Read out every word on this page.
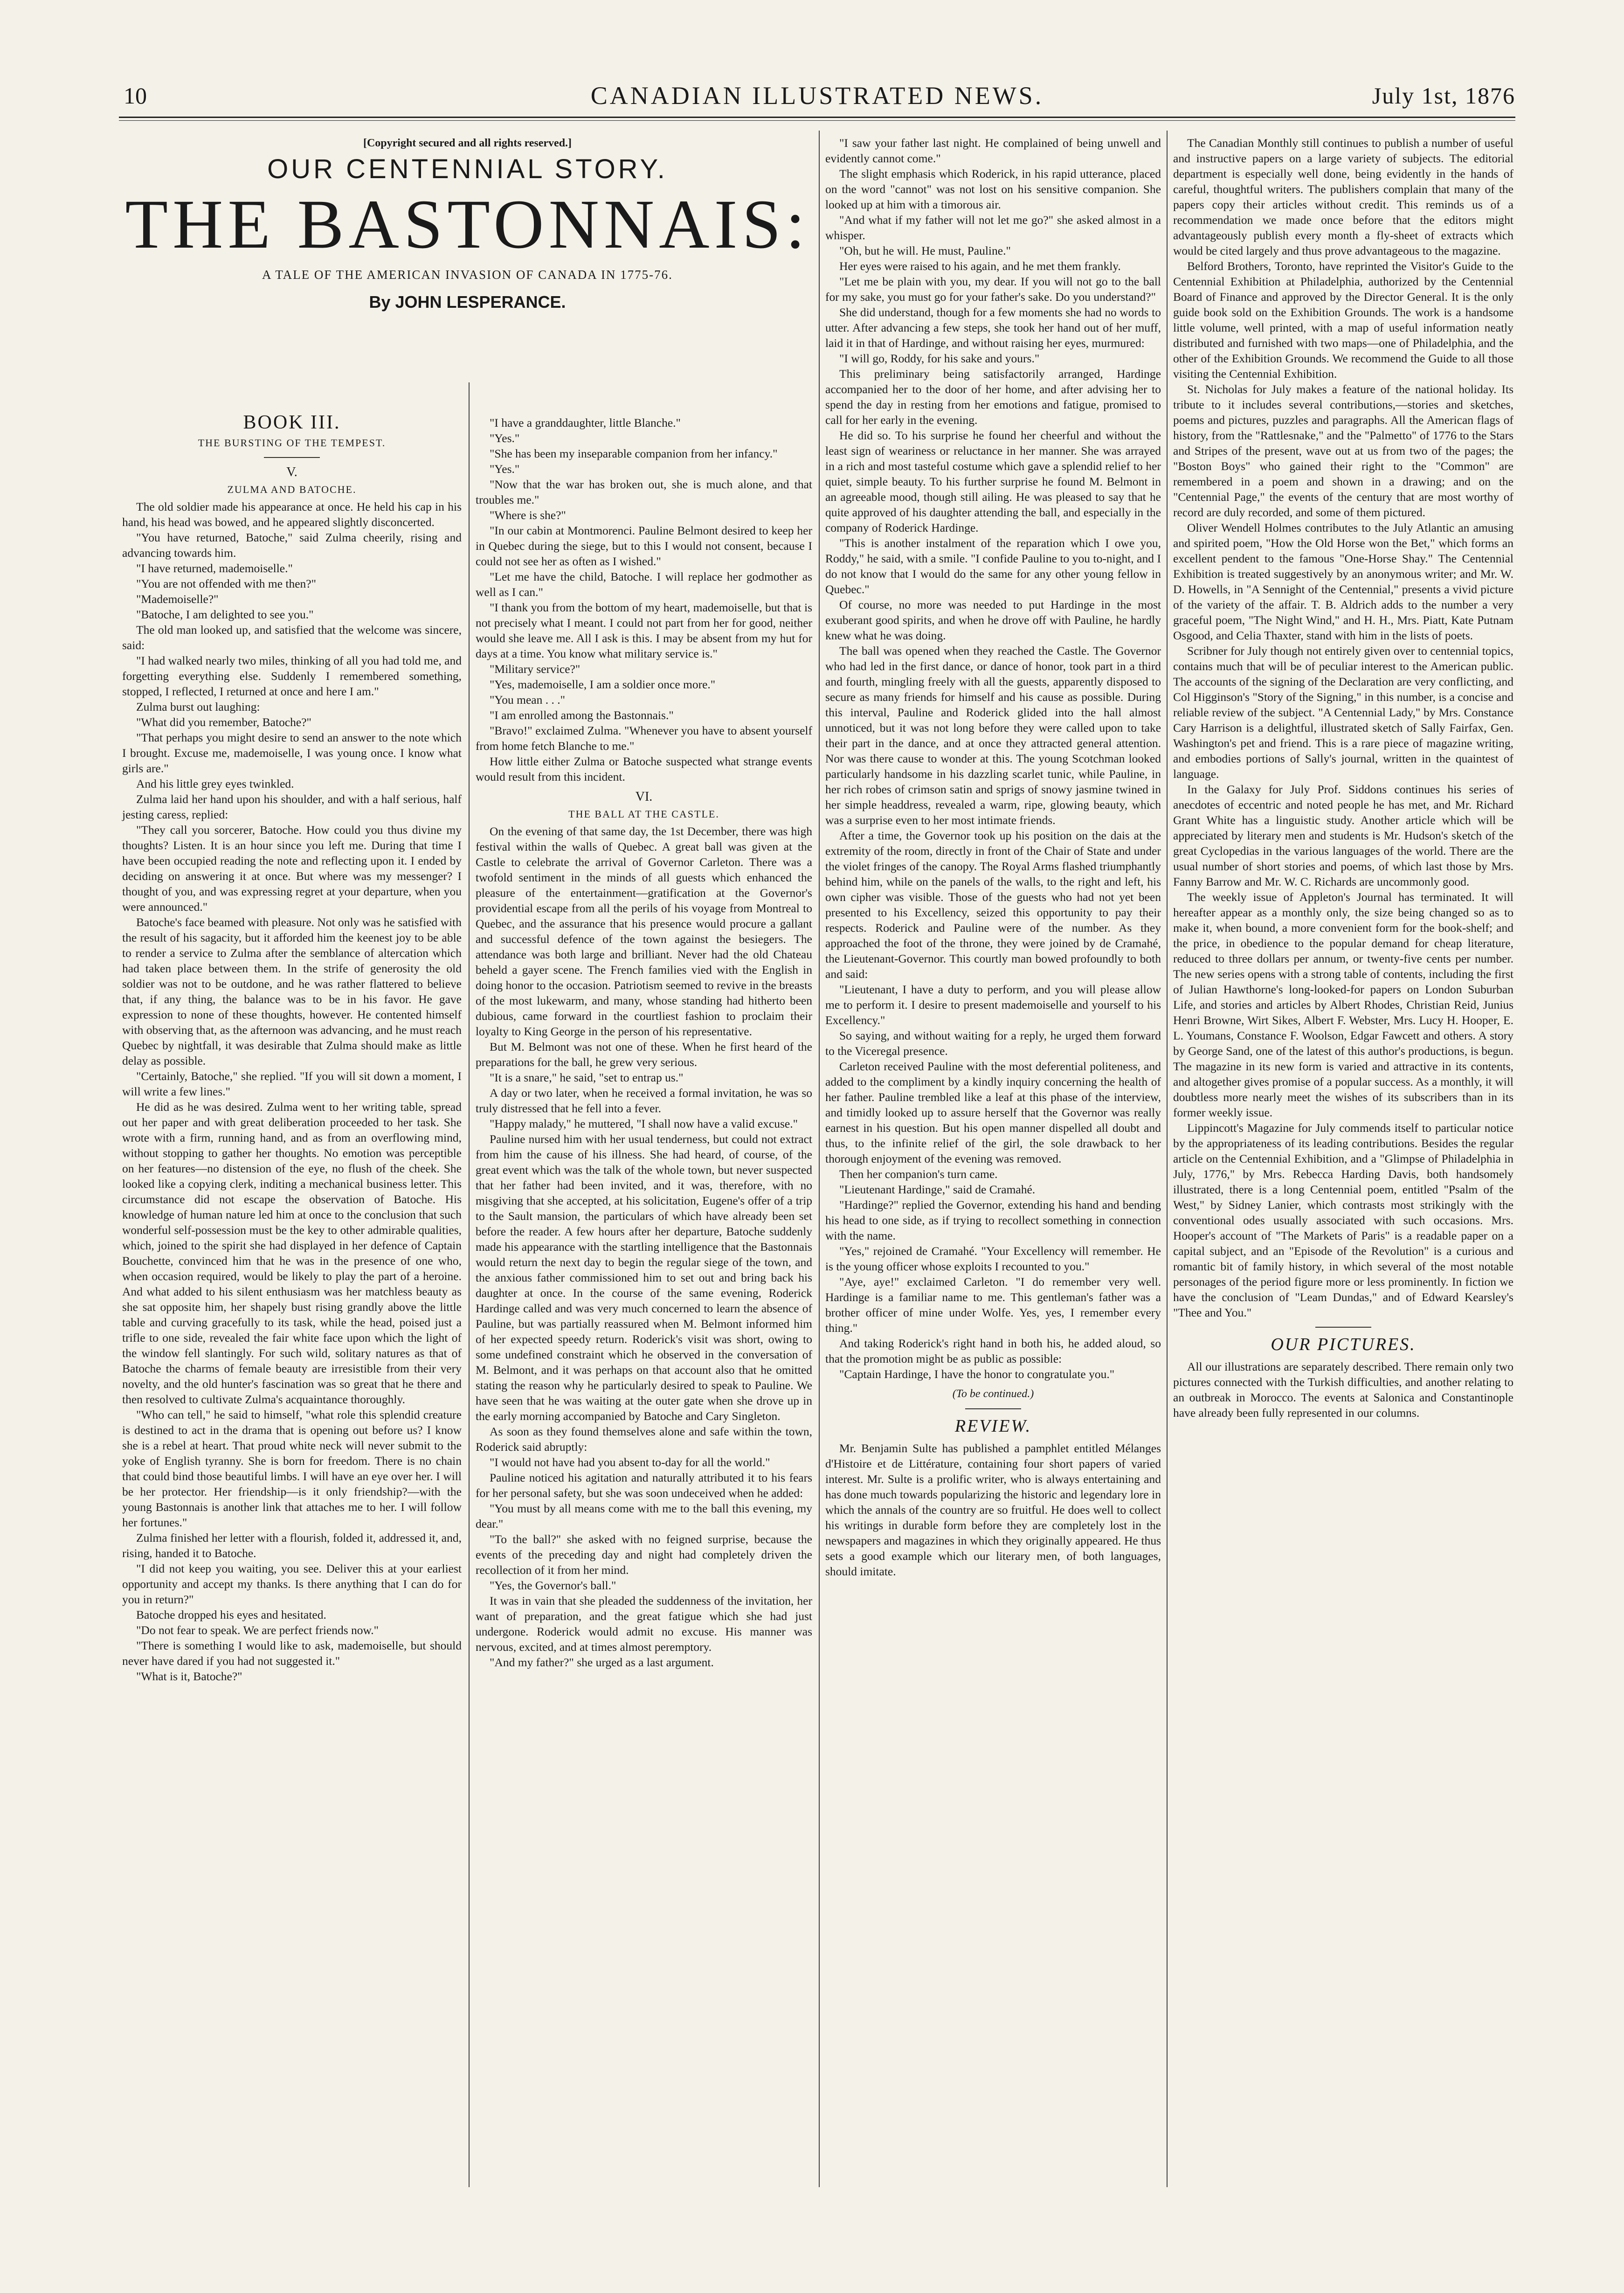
10	CANADIAN ILLUSTRATED NEWS.	July 1st, 1876
[Copyright secured and all rights reserved.]
OUR CENTENNIAL STORY.
THE BASTONNAIS:
A TALE OF THE AMERICAN INVASION OF CANADA IN 1775-76.
By JOHN LESPERANCE.
BOOK III.
THE BURSTING OF THE TEMPEST.
V.
ZULMA AND BATOCHE.

The old soldier made his appearance at once. He held his cap in his hand, his head was bowed, and he appeared slightly disconcerted.

"You have returned, Batoche," said Zulma cheerily, rising and advancing towards him.

"I have returned, mademoiselle."

"You are not offended with me then?"

"Mademoiselle?"

"Batoche, I am delighted to see you."

The old man looked up, and satisfied that the welcome was sincere, said:

"I had walked nearly two miles, thinking of all you had told me, and forgetting everything else. Suddenly I remembered something, stopped, I reflected, I returned at once and here I am."

Zulma burst out laughing:

"What did you remember, Batoche?"

"That perhaps you might desire to send an answer to the note which I brought. Excuse me, mademoiselle, I was young once. I know what girls are."

And his little grey eyes twinkled.

Zulma laid her hand upon his shoulder, and with a half serious, half jesting caress, replied:

"They call you sorcerer, Batoche. How could you thus divine my thoughts? Listen. It is an hour since you left me. During that time I have been occupied reading the note and reflecting upon it. I ended by deciding on answering it at once. But where was my messenger? I thought of you, and was expressing regret at your departure, when you were announced."

Batoche's face beamed with pleasure. Not only was he satisfied with the result of his sagacity, but it afforded him the keenest joy to be able to render a service to Zulma after the semblance of altercation which had taken place between them. In the strife of generosity the old soldier was not to be outdone, and he was rather flattered to believe that, if any thing, the balance was to be in his favor. He gave expression to none of these thoughts, however. He contented himself with observing that, as the afternoon was advancing, and he must reach Quebec by nightfall, it was desirable that Zulma should make as little delay as possible.

"Certainly, Batoche," she replied. "If you will sit down a moment, I will write a few lines."

He did as he was desired. Zulma went to her writing table, spread out her paper and with great deliberation proceeded to her task. She wrote with a firm, running hand, and as from an overflowing mind, without stopping to gather her thoughts. No emotion was perceptible on her features—no distension of the eye, no flush of the cheek. She looked like a copying clerk, inditing a mechanical business letter. This circumstance did not escape the observation of Batoche. His knowledge of human nature led him at once to the conclusion that such wonderful self-possession must be the key to other admirable qualities, which, joined to the spirit she had displayed in her defence of Captain Bouchette, convinced him that he was in the presence of one who, when occasion required, would be likely to play the part of a heroine. And what added to his silent enthusiasm was her matchless beauty as she sat opposite him, her shapely bust rising grandly above the little table and curving gracefully to its task, while the head, poised just a trifle to one side, revealed the fair white face upon which the light of the window fell slantingly. For such wild, solitary natures as that of Batoche the charms of female beauty are irresistible from their very novelty, and the old hunter's fascination was so great that he there and then resolved to cultivate Zulma's acquaintance thoroughly.

"Who can tell," he said to himself, "what role this splendid creature is destined to act in the drama that is opening out before us? I know she is a rebel at heart. That proud white neck will never submit to the yoke of English tyranny. She is born for freedom. There is no chain that could bind those beautiful limbs. I will have an eye over her. I will be her protector. Her friendship—is it only friendship?—with the young Bastonnais is another link that attaches me to her. I will follow her fortunes."

Zulma finished her letter with a flourish, folded it, addressed it, and, rising, handed it to Batoche.

"I did not keep you waiting, you see. Deliver this at your earliest opportunity and accept my thanks. Is there anything that I can do for you in return?"

Batoche dropped his eyes and hesitated.

"Do not fear to speak. We are perfect friends now."

"There is something I would like to ask, mademoiselle, but should never have dared if you had not suggested it."

"What is it, Batoche?"

"I have a granddaughter, little Blanche."

"Yes."

"She has been my inseparable companion from her infancy."

"Yes."

"Now that the war has broken out, she is much alone, and that troubles me."

"Where is she?"

"In our cabin at Montmorenci. Pauline Belmont desired to keep her in Quebec during the siege, but to this I would not consent, because I could not see her as often as I wished."

"Let me have the child, Batoche. I will replace her godmother as well as I can."

"I thank you from the bottom of my heart, mademoiselle, but that is not precisely what I meant. I could not part from her for good, neither would she leave me. All I ask is this. I may be absent from my hut for days at a time. You know what military service is."

"Military service?"

"Yes, mademoiselle, I am a soldier once more."

"You mean . . ."

"I am enrolled among the Bastonnais."

"Bravo!" exclaimed Zulma. "Whenever you have to absent yourself from home fetch Blanche to me."

How little either Zulma or Batoche suspected what strange events would result from this incident.

VI.
THE BALL AT THE CASTLE.

On the evening of that same day, the 1st December, there was high festival within the walls of Quebec. A great ball was given at the Castle to celebrate the arrival of Governor Carleton. There was a twofold sentiment in the minds of all guests which enhanced the pleasure of the entertainment—gratification at the Governor's providential escape from all the perils of his voyage from Montreal to Quebec, and the assurance that his presence would procure a gallant and successful defence of the town against the besiegers. The attendance was both large and brilliant. Never had the old Chateau beheld a gayer scene. The French families vied with the English in doing honor to the occasion. Patriotism seemed to revive in the breasts of the most lukewarm, and many, whose standing had hitherto been dubious, came forward in the courtliest fashion to proclaim their loyalty to King George in the person of his representative.

But M. Belmont was not one of these. When he first heard of the preparations for the ball, he grew very serious.

"It is a snare," he said, "set to entrap us."

A day or two later, when he received a formal invitation, he was so truly distressed that he fell into a fever.

"Happy malady," he muttered, "I shall now have a valid excuse."

Pauline nursed him with her usual tenderness, but could not extract from him the cause of his illness. She had heard, of course, of the great event which was the talk of the whole town, but never suspected that her father had been invited, and it was, therefore, with no misgiving that she accepted, at his solicitation, Eugene's offer of a trip to the Sault mansion, the particulars of which have already been set before the reader. A few hours after her departure, Batoche suddenly made his appearance with the startling intelligence that the Bastonnais would return the next day to begin the regular siege of the town, and the anxious father commissioned him to set out and bring back his daughter at once. In the course of the same evening, Roderick Hardinge called and was very much concerned to learn the absence of Pauline, but was partially reassured when M. Belmont informed him of her expected speedy return. Roderick's visit was short, owing to some undefined constraint which he observed in the conversation of M. Belmont, and it was perhaps on that account also that he omitted stating the reason why he particularly desired to speak to Pauline. We have seen that he was waiting at the outer gate when she drove up in the early morning accompanied by Batoche and Cary Singleton.

As soon as they found themselves alone and safe within the town, Roderick said abruptly:

"I would not have had you absent to-day for all the world."

Pauline noticed his agitation and naturally attributed it to his fears for her personal safety, but she was soon undeceived when he added:

"You must by all means come with me to the ball this evening, my dear."

"To the ball?" she asked with no feigned surprise, because the events of the preceding day and night had completely driven the recollection of it from her mind.

"Yes, the Governor's ball."

It was in vain that she pleaded the suddenness of the invitation, her want of preparation, and the great fatigue which she had just undergone. Roderick would admit no excuse. His manner was nervous, excited, and at times almost peremptory.

"And my father?" she urged as a last argument.

"I saw your father last night. He complained of being unwell and evidently cannot come."

The slight emphasis which Roderick, in his rapid utterance, placed on the word "cannot" was not lost on his sensitive companion. She looked up at him with a timorous air.

"And what if my father will not let me go?" she asked almost in a whisper.

"Oh, but he will. He must, Pauline."

Her eyes were raised to his again, and he met them frankly.

"Let me be plain with you, my dear. If you will not go to the ball for my sake, you must go for your father's sake. Do you understand?"

She did understand, though for a few moments she had no words to utter. After advancing a few steps, she took her hand out of her muff, laid it in that of Hardinge, and without raising her eyes, murmured:

"I will go, Roddy, for his sake and yours."

This preliminary being satisfactorily arranged, Hardinge accompanied her to the door of her home, and after advising her to spend the day in resting from her emotions and fatigue, promised to call for her early in the evening.

He did so. To his surprise he found her cheerful and without the least sign of weariness or reluctance in her manner. She was arrayed in a rich and most tasteful costume which gave a splendid relief to her quiet, simple beauty. To his further surprise he found M. Belmont in an agreeable mood, though still ailing. He was pleased to say that he quite approved of his daughter attending the ball, and especially in the company of Roderick Hardinge.

"This is another instalment of the reparation which I owe you, Roddy," he said, with a smile. "I confide Pauline to you to-night, and I do not know that I would do the same for any other young fellow in Quebec."

Of course, no more was needed to put Hardinge in the most exuberant good spirits, and when he drove off with Pauline, he hardly knew what he was doing.

The ball was opened when they reached the Castle. The Governor who had led in the first dance, or dance of honor, took part in a third and fourth, mingling freely with all the guests, apparently disposed to secure as many friends for himself and his cause as possible. During this interval, Pauline and Roderick glided into the hall almost unnoticed, but it was not long before they were called upon to take their part in the dance, and at once they attracted general attention. Nor was there cause to wonder at this. The young Scotchman looked particularly handsome in his dazzling scarlet tunic, while Pauline, in her rich robes of crimson satin and sprigs of snowy jasmine twined in her simple headdress, revealed a warm, ripe, glowing beauty, which was a surprise even to her most intimate friends.

After a time, the Governor took up his position on the dais at the extremity of the room, directly in front of the Chair of State and under the violet fringes of the canopy. The Royal Arms flashed triumphantly behind him, while on the panels of the walls, to the right and left, his own cipher was visible. Those of the guests who had not yet been presented to his Excellency, seized this opportunity to pay their respects. Roderick and Pauline were of the number. As they approached the foot of the throne, they were joined by de Cramahé, the Lieutenant-Governor. This courtly man bowed profoundly to both and said:

"Lieutenant, I have a duty to perform, and you will please allow me to perform it. I desire to present mademoiselle and yourself to his Excellency."

So saying, and without waiting for a reply, he urged them forward to the Viceregal presence.

Carleton received Pauline with the most deferential politeness, and added to the compliment by a kindly inquiry concerning the health of her father. Pauline trembled like a leaf at this phase of the interview, and timidly looked up to assure herself that the Governor was really earnest in his question. But his open manner dispelled all doubt and thus, to the infinite relief of the girl, the sole drawback to her thorough enjoyment of the evening was removed.

Then her companion's turn came.

"Lieutenant Hardinge," said de Cramahé.

"Hardinge?" replied the Governor, extending his hand and bending his head to one side, as if trying to recollect something in connection with the name.

"Yes," rejoined de Cramahé. "Your Excellency will remember. He is the young officer whose exploits I recounted to you."

"Aye, aye!" exclaimed Carleton. "I do remember very well. Hardinge is a familiar name to me. This gentleman's father was a brother officer of mine under Wolfe. Yes, yes, I remember every thing."

And taking Roderick's right hand in both his, he added aloud, so that the promotion might be as public as possible:

"Captain Hardinge, I have the honor to congratulate you."

(To be continued.)
REVIEW.

Mr. Benjamin Sulte has published a pamphlet entitled Mélanges d'Histoire et de Littérature, containing four short papers of varied interest. Mr. Sulte is a prolific writer, who is always entertaining and has done much towards popularizing the historic and legendary lore in which the annals of the country are so fruitful. He does well to collect his writings in durable form before they are completely lost in the newspapers and magazines in which they originally appeared. He thus sets a good example which our literary men, of both languages, should imitate.

The Canadian Monthly still continues to publish a number of useful and instructive papers on a large variety of subjects. The editorial department is especially well done, being evidently in the hands of careful, thoughtful writers. The publishers complain that many of the papers copy their articles without credit. This reminds us of a recommendation we made once before that the editors might advantageously publish every month a fly-sheet of extracts which would be cited largely and thus prove advantageous to the magazine.

Belford Brothers, Toronto, have reprinted the Visitor's Guide to the Centennial Exhibition at Philadelphia, authorized by the Centennial Board of Finance and approved by the Director General. It is the only guide book sold on the Exhibition Grounds. The work is a handsome little volume, well printed, with a map of useful information neatly distributed and furnished with two maps—one of Philadelphia, and the other of the Exhibition Grounds. We recommend the Guide to all those visiting the Centennial Exhibition.

St. Nicholas for July makes a feature of the national holiday. Its tribute to it includes several contributions,—stories and sketches, poems and pictures, puzzles and paragraphs. All the American flags of history, from the "Rattlesnake," and the "Palmetto" of 1776 to the Stars and Stripes of the present, wave out at us from two of the pages; the "Boston Boys" who gained their right to the "Common" are remembered in a poem and shown in a drawing; and on the "Centennial Page," the events of the century that are most worthy of record are duly recorded, and some of them pictured.

Oliver Wendell Holmes contributes to the July Atlantic an amusing and spirited poem, "How the Old Horse won the Bet," which forms an excellent pendent to the famous "One-Horse Shay." The Centennial Exhibition is treated suggestively by an anonymous writer; and Mr. W. D. Howells, in "A Sennight of the Centennial," presents a vivid picture of the variety of the affair. T. B. Aldrich adds to the number a very graceful poem, "The Night Wind," and H. H., Mrs. Piatt, Kate Putnam Osgood, and Celia Thaxter, stand with him in the lists of poets.

Scribner for July though not entirely given over to centennial topics, contains much that will be of peculiar interest to the American public. The accounts of the signing of the Declaration are very conflicting, and Col Higginson's "Story of the Signing," in this number, is a concise and reliable review of the subject. "A Centennial Lady," by Mrs. Constance Cary Harrison is a delightful, illustrated sketch of Sally Fairfax, Gen. Washington's pet and friend. This is a rare piece of magazine writing, and embodies portions of Sally's journal, written in the quaintest of language.

In the Galaxy for July Prof. Siddons continues his series of anecdotes of eccentric and noted people he has met, and Mr. Richard Grant White has a linguistic study. Another article which will be appreciated by literary men and students is Mr. Hudson's sketch of the great Cyclopedias in the various languages of the world. There are the usual number of short stories and poems, of which last those by Mrs. Fanny Barrow and Mr. W. C. Richards are uncommonly good.

The weekly issue of Appleton's Journal has terminated. It will hereafter appear as a monthly only, the size being changed so as to make it, when bound, a more convenient form for the book-shelf; and the price, in obedience to the popular demand for cheap literature, reduced to three dollars per annum, or twenty-five cents per number. The new series opens with a strong table of contents, including the first of Julian Hawthorne's long-looked-for papers on London Suburban Life, and stories and articles by Albert Rhodes, Christian Reid, Junius Henri Browne, Wirt Sikes, Albert F. Webster, Mrs. Lucy H. Hooper, E. L. Youmans, Constance F. Woolson, Edgar Fawcett and others. A story by George Sand, one of the latest of this author's productions, is begun. The magazine in its new form is varied and attractive in its contents, and altogether gives promise of a popular success. As a monthly, it will doubtless more nearly meet the wishes of its subscribers than in its former weekly issue.

Lippincott's Magazine for July commends itself to particular notice by the appropriateness of its leading contributions. Besides the regular article on the Centennial Exhibition, and a "Glimpse of Philadelphia in July, 1776," by Mrs. Rebecca Harding Davis, both handsomely illustrated, there is a long Centennial poem, entitled "Psalm of the West," by Sidney Lanier, which contrasts most strikingly with the conventional odes usually associated with such occasions. Mrs. Hooper's account of "The Markets of Paris" is a readable paper on a capital subject, and an "Episode of the Revolution" is a curious and romantic bit of family history, in which several of the most notable personages of the period figure more or less prominently. In fiction we have the conclusion of "Leam Dundas," and of Edward Kearsley's "Thee and You."

OUR PICTURES.

All our illustrations are separately described. There remain only two pictures connected with the Turkish difficulties, and another relating to an outbreak in Morocco. The events at Salonica and Constantinople have already been fully represented in our columns.
